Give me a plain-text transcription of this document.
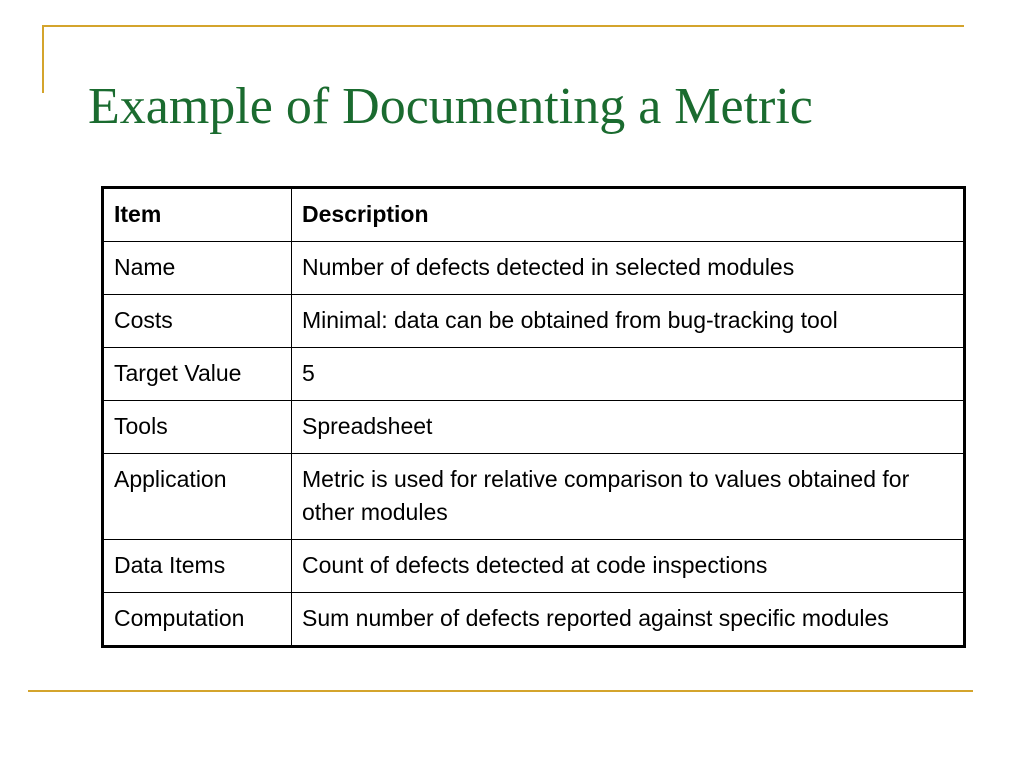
Example of Documenting a Metric
Item	Description
Name	Number of defects detected in selected modules
Costs	Minimal: data can be obtained from bug-tracking tool
Target Value	5
Tools	Spreadsheet
Application	Metric is used for relative comparison to values obtained for other modules
Data Items	Count of defects detected at code inspections
Computation	Sum number of defects reported against specific modules
